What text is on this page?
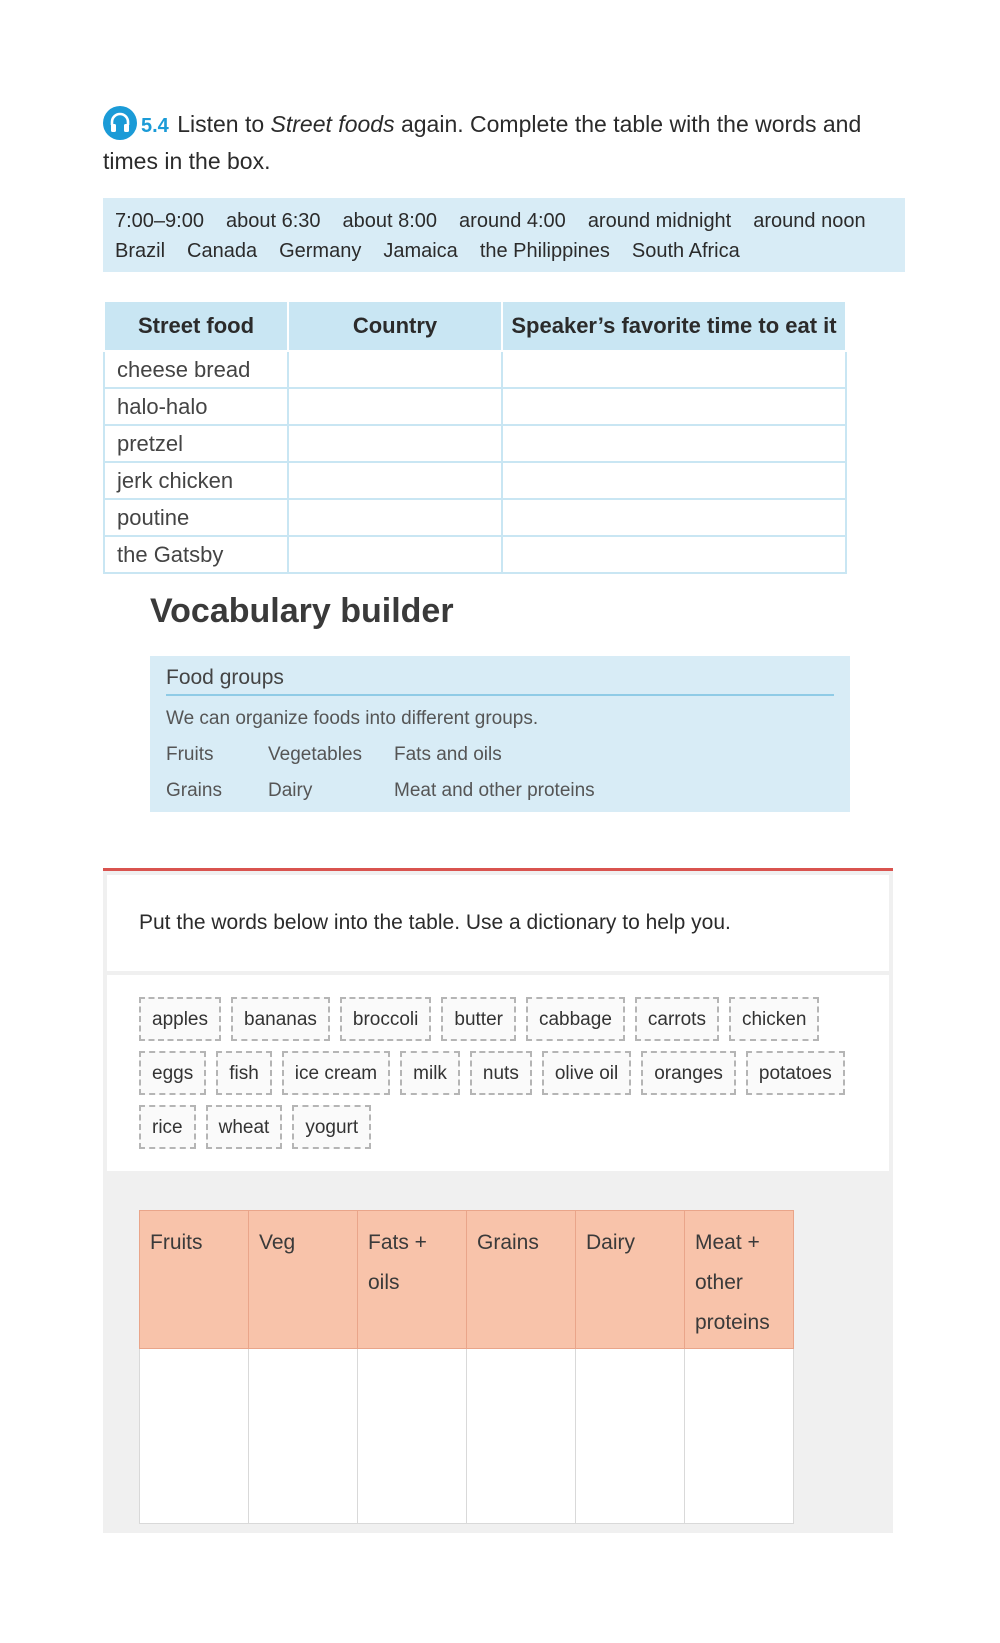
5.4 Listen to Street foods again. Complete the table with the words and times in the box.
7:00–9:00 about 6:30 about 8:00 around 4:00 around midnight around noon
Brazil Canada Germany Jamaica the Philippines South Africa
Street food	Country	Speaker’s favorite time to eat it
cheese bread		
halo-halo		
pretzel		
jerk chicken		
poutine		
the Gatsby		
Vocabulary builder
Food groups
We can organize foods into different groups.
Fruits	Vegetables	Fats and oils
Grains	Dairy	Meat and other proteins
Put the words below into the table. Use a dictionary to help you.
apples	bananas	broccoli	butter	cabbage	carrots	chicken
eggs	fish	ice cream	milk	nuts	olive oil	oranges	potatoes
rice	wheat	yogurt
Fruits	Veg	Fats + oils	Grains	Dairy	Meat + other proteins
